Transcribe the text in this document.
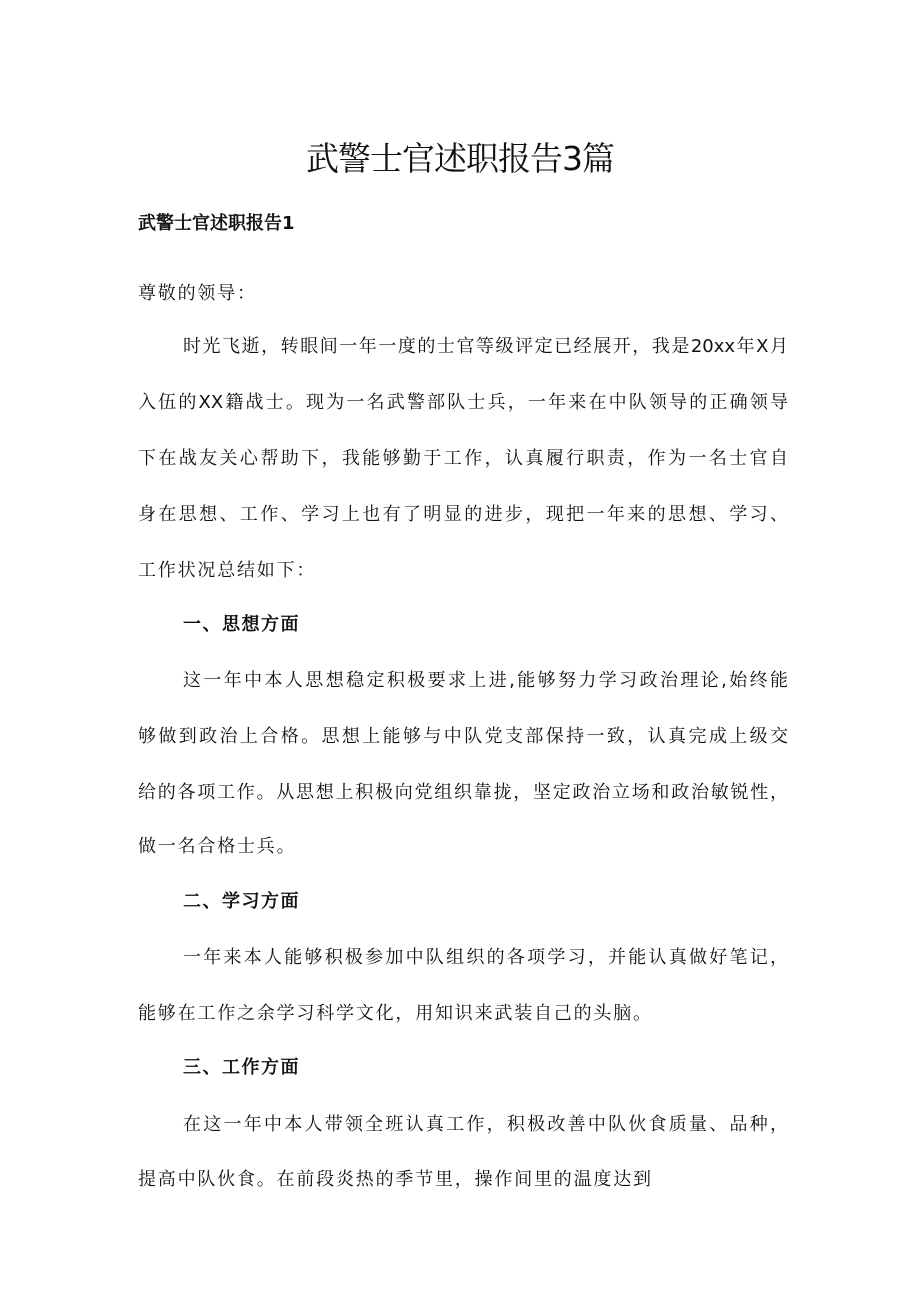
武警士官述职报告3篇
武警士官述职报告1
尊敬的领导：
时光飞逝，转眼间一年一度的士官等级评定已经展开，我是20xx年X月
入伍的XX籍战士。现为一名武警部队士兵，一年来在中队领导的正确领导
下在战友关心帮助下，我能够勤于工作，认真履行职责，作为一名士官自
身在思想、工作、学习上也有了明显的进步，现把一年来的思想、学习、
工作状况总结如下：
一、思想方面
这一年中本人思想稳定积极要求上进,能够努力学习政治理论,始终能
够做到政治上合格。思想上能够与中队党支部保持一致，认真完成上级交
给的各项工作。从思想上积极向党组织靠拢，坚定政治立场和政治敏锐性，
做一名合格士兵。
二、学习方面
一年来本人能够积极参加中队组织的各项学习，并能认真做好笔记，
能够在工作之余学习科学文化，用知识来武装自己的头脑。
三、工作方面
在这一年中本人带领全班认真工作，积极改善中队伙食质量、品种，
提高中队伙食。在前段炎热的季节里，操作间里的温度达到
